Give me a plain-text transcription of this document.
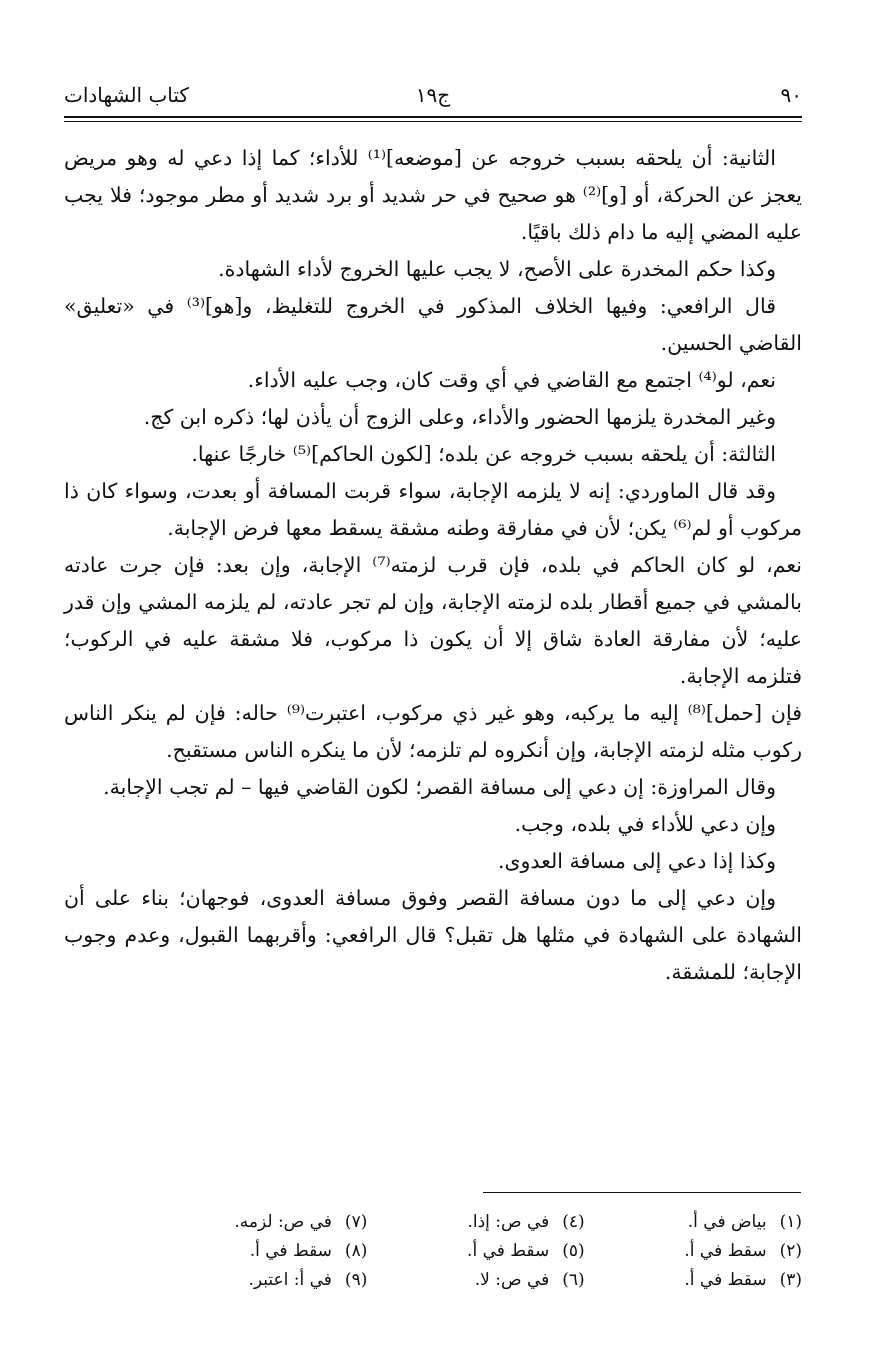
٩٠
ج١٩
كتاب الشهادات

الثانية: أن يلحقه بسبب خروجه عن [موضعه]⁽¹⁾ للأداء؛ كما إذا دعي له وهو مريض يعجز عن الحركة، أو [و]⁽²⁾ هو صحيح في حر شديد أو برد شديد أو مطر موجود؛ فلا يجب عليه المضي إليه ما دام ذلك باقيًا.

وكذا حكم المخدرة على الأصح، لا يجب عليها الخروج لأداء الشهادة.

قال الرافعي: وفيها الخلاف المذكور في الخروج للتغليظ، و[هو]⁽³⁾ في «تعليق» القاضي الحسين.

نعم، لو⁽⁴⁾ اجتمع مع القاضي في أي وقت كان، وجب عليه الأداء.

وغير المخدرة يلزمها الحضور والأداء، وعلى الزوج أن يأذن لها؛ ذكره ابن كج.

الثالثة: أن يلحقه بسبب خروجه عن بلده؛ [لكون الحاكم]⁽⁵⁾ خارجًا عنها.

وقد قال الماوردي: إنه لا يلزمه الإجابة، سواء قربت المسافة أو بعدت، وسواء كان ذا مركوب أو لم⁽⁶⁾ يكن؛ لأن في مفارقة وطنه مشقة يسقط معها فرض الإجابة.

نعم، لو كان الحاكم في بلده، فإن قرب لزمته⁽⁷⁾ الإجابة، وإن بعد: فإن جرت عادته بالمشي في جميع أقطار بلده لزمته الإجابة، وإن لم تجر عادته، لم يلزمه المشي وإن قدر عليه؛ لأن مفارقة العادة شاق إلا أن يكون ذا مركوب، فلا مشقة عليه في الركوب؛ فتلزمه الإجابة.

فإن [حمل]⁽⁸⁾ إليه ما يركبه، وهو غير ذي مركوب، اعتبرت⁽⁹⁾ حاله: فإن لم ينكر الناس ركوب مثله لزمته الإجابة، وإن أنكروه لم تلزمه؛ لأن ما ينكره الناس مستقبح.

وقال المراوزة: إن دعي إلى مسافة القصر؛ لكون القاضي فيها – لم تجب الإجابة.

وإن دعي للأداء في بلده، وجب.

وكذا إذا دعي إلى مسافة العدوى.

وإن دعي إلى ما دون مسافة القصر وفوق مسافة العدوى، فوجهان؛ بناء على أن الشهادة على الشهادة في مثلها هل تقبل؟ قال الرافعي: وأقربهما القبول، وعدم وجوب الإجابة؛ للمشقة.

(١) بياض في أ.
(٢) سقط في أ.
(٣) سقط في أ.
(٤) في ص: إذا.
(٥) سقط في أ.
(٦) في ص: لا.
(٧) في ص: لزمه.
(٨) سقط في أ.
(٩) في أ: اعتبر.
